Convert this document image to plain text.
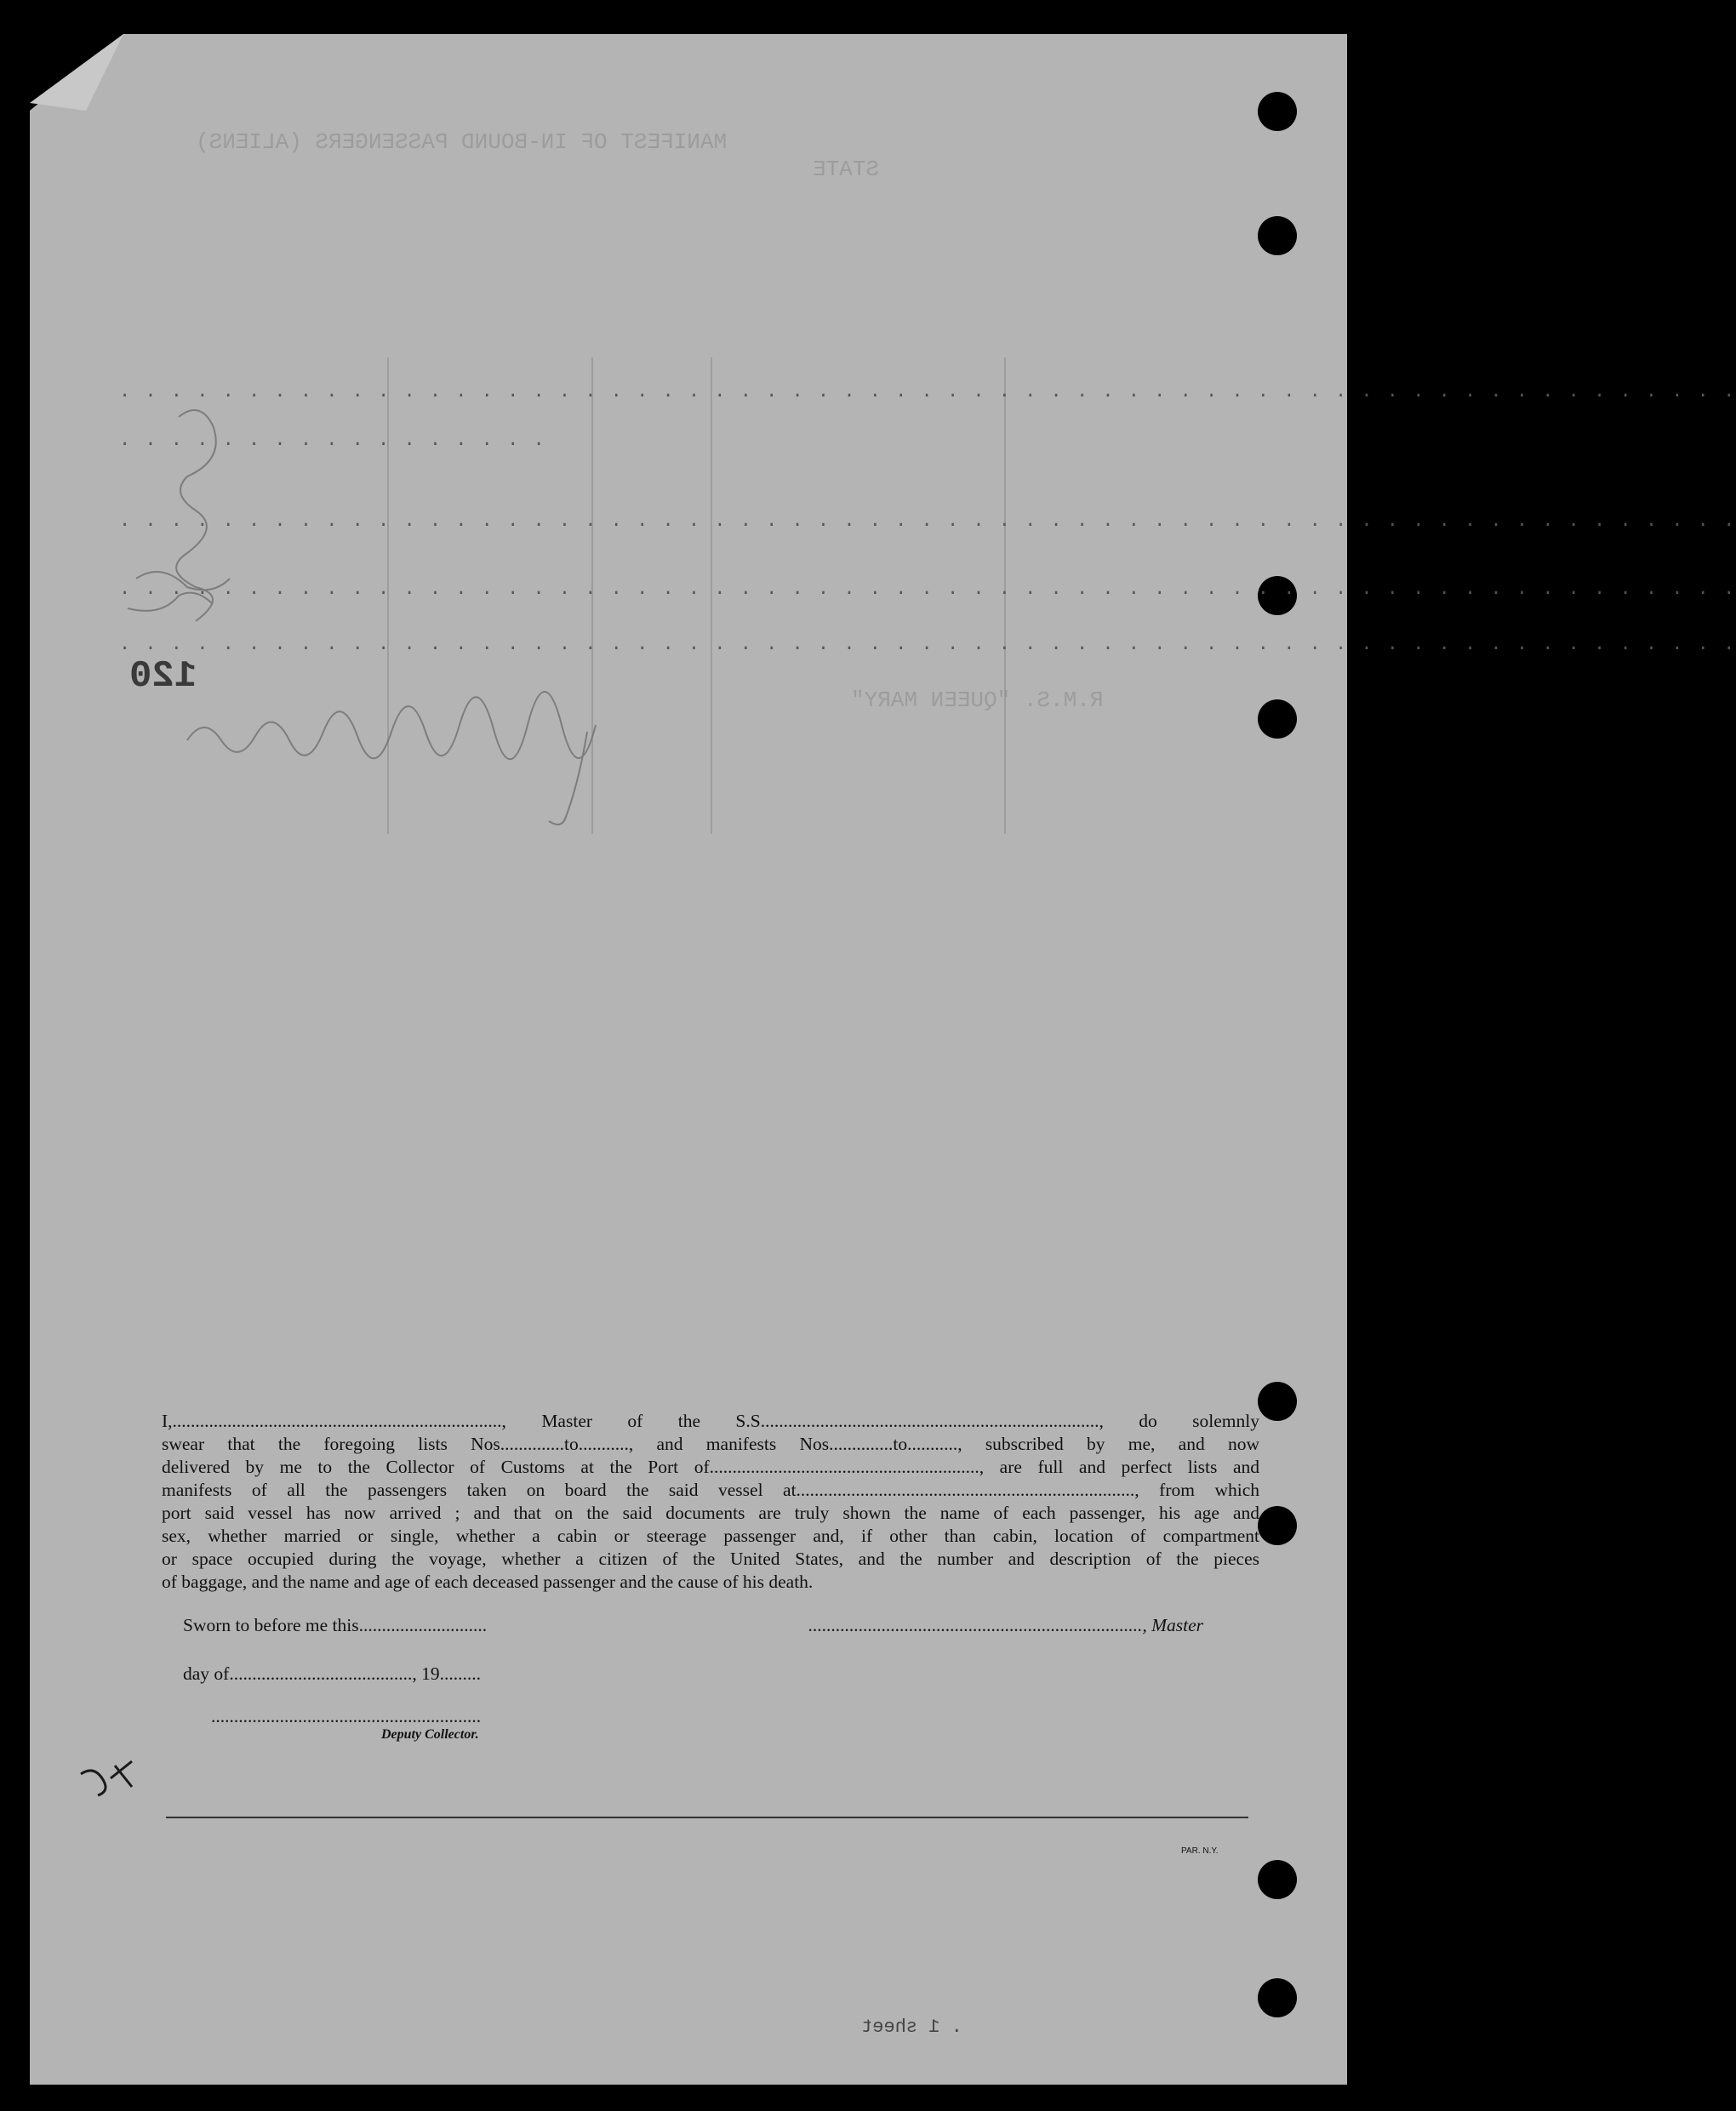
MANIFEST OF IN-BOUND PASSENGERS (ALIENS)
STATE
R.M.S. "QUEEN MARY"
120
. . . . . . . . . . . . . . . . . . . . . . . . . . . . . . . . . . . . . . . . . . . . . . . . . . . . . . . . . . . . . . .
. . . . . . . . . . . . . . . . .
. . . . . . . . . . . . . . . . . . . . . . . . . . . . . . . . . . . . . . . . . . . . . . . . . . . . . . . . . . . . . . .
. . . . . . . . . . . . . . . . . . . . . . . . . . . . . . . . . . . . . . . . . . . . . . . . . . . . . . . . . . . . . . .
. . . . . . . . . . . . . . . . . . . . . . . . . . . . . . . . . . . . . . . . . . . . . . . . . . . . . . . . . . . . . . .
I,........................................................................, Master of the S.S.........................................................................., do solemnly
swear that the foregoing lists Nos..............to..........., and manifests Nos..............to..........., subscribed by me, and now
delivered by me to the Collector of Customs at the Port of..........................................................., are full and perfect lists and
manifests of all the passengers taken on board the said vessel at.........................................................................., from which
port said vessel has now arrived ; and that on the said documents are truly shown the name of each passenger, his age and
sex, whether married or single, whether a cabin or steerage passenger and, if other than cabin, location of compartment
or space occupied during the voyage, whether a citizen of the United States, and the number and description of the pieces
of baggage, and the name and age of each deceased passenger and the cause of his death.
Sworn to before me this............................	........................................................................., Master
day of........................................, 19.........
...........................................................
Deputy Collector.
PAR. N.Y.
. 1 sheet
